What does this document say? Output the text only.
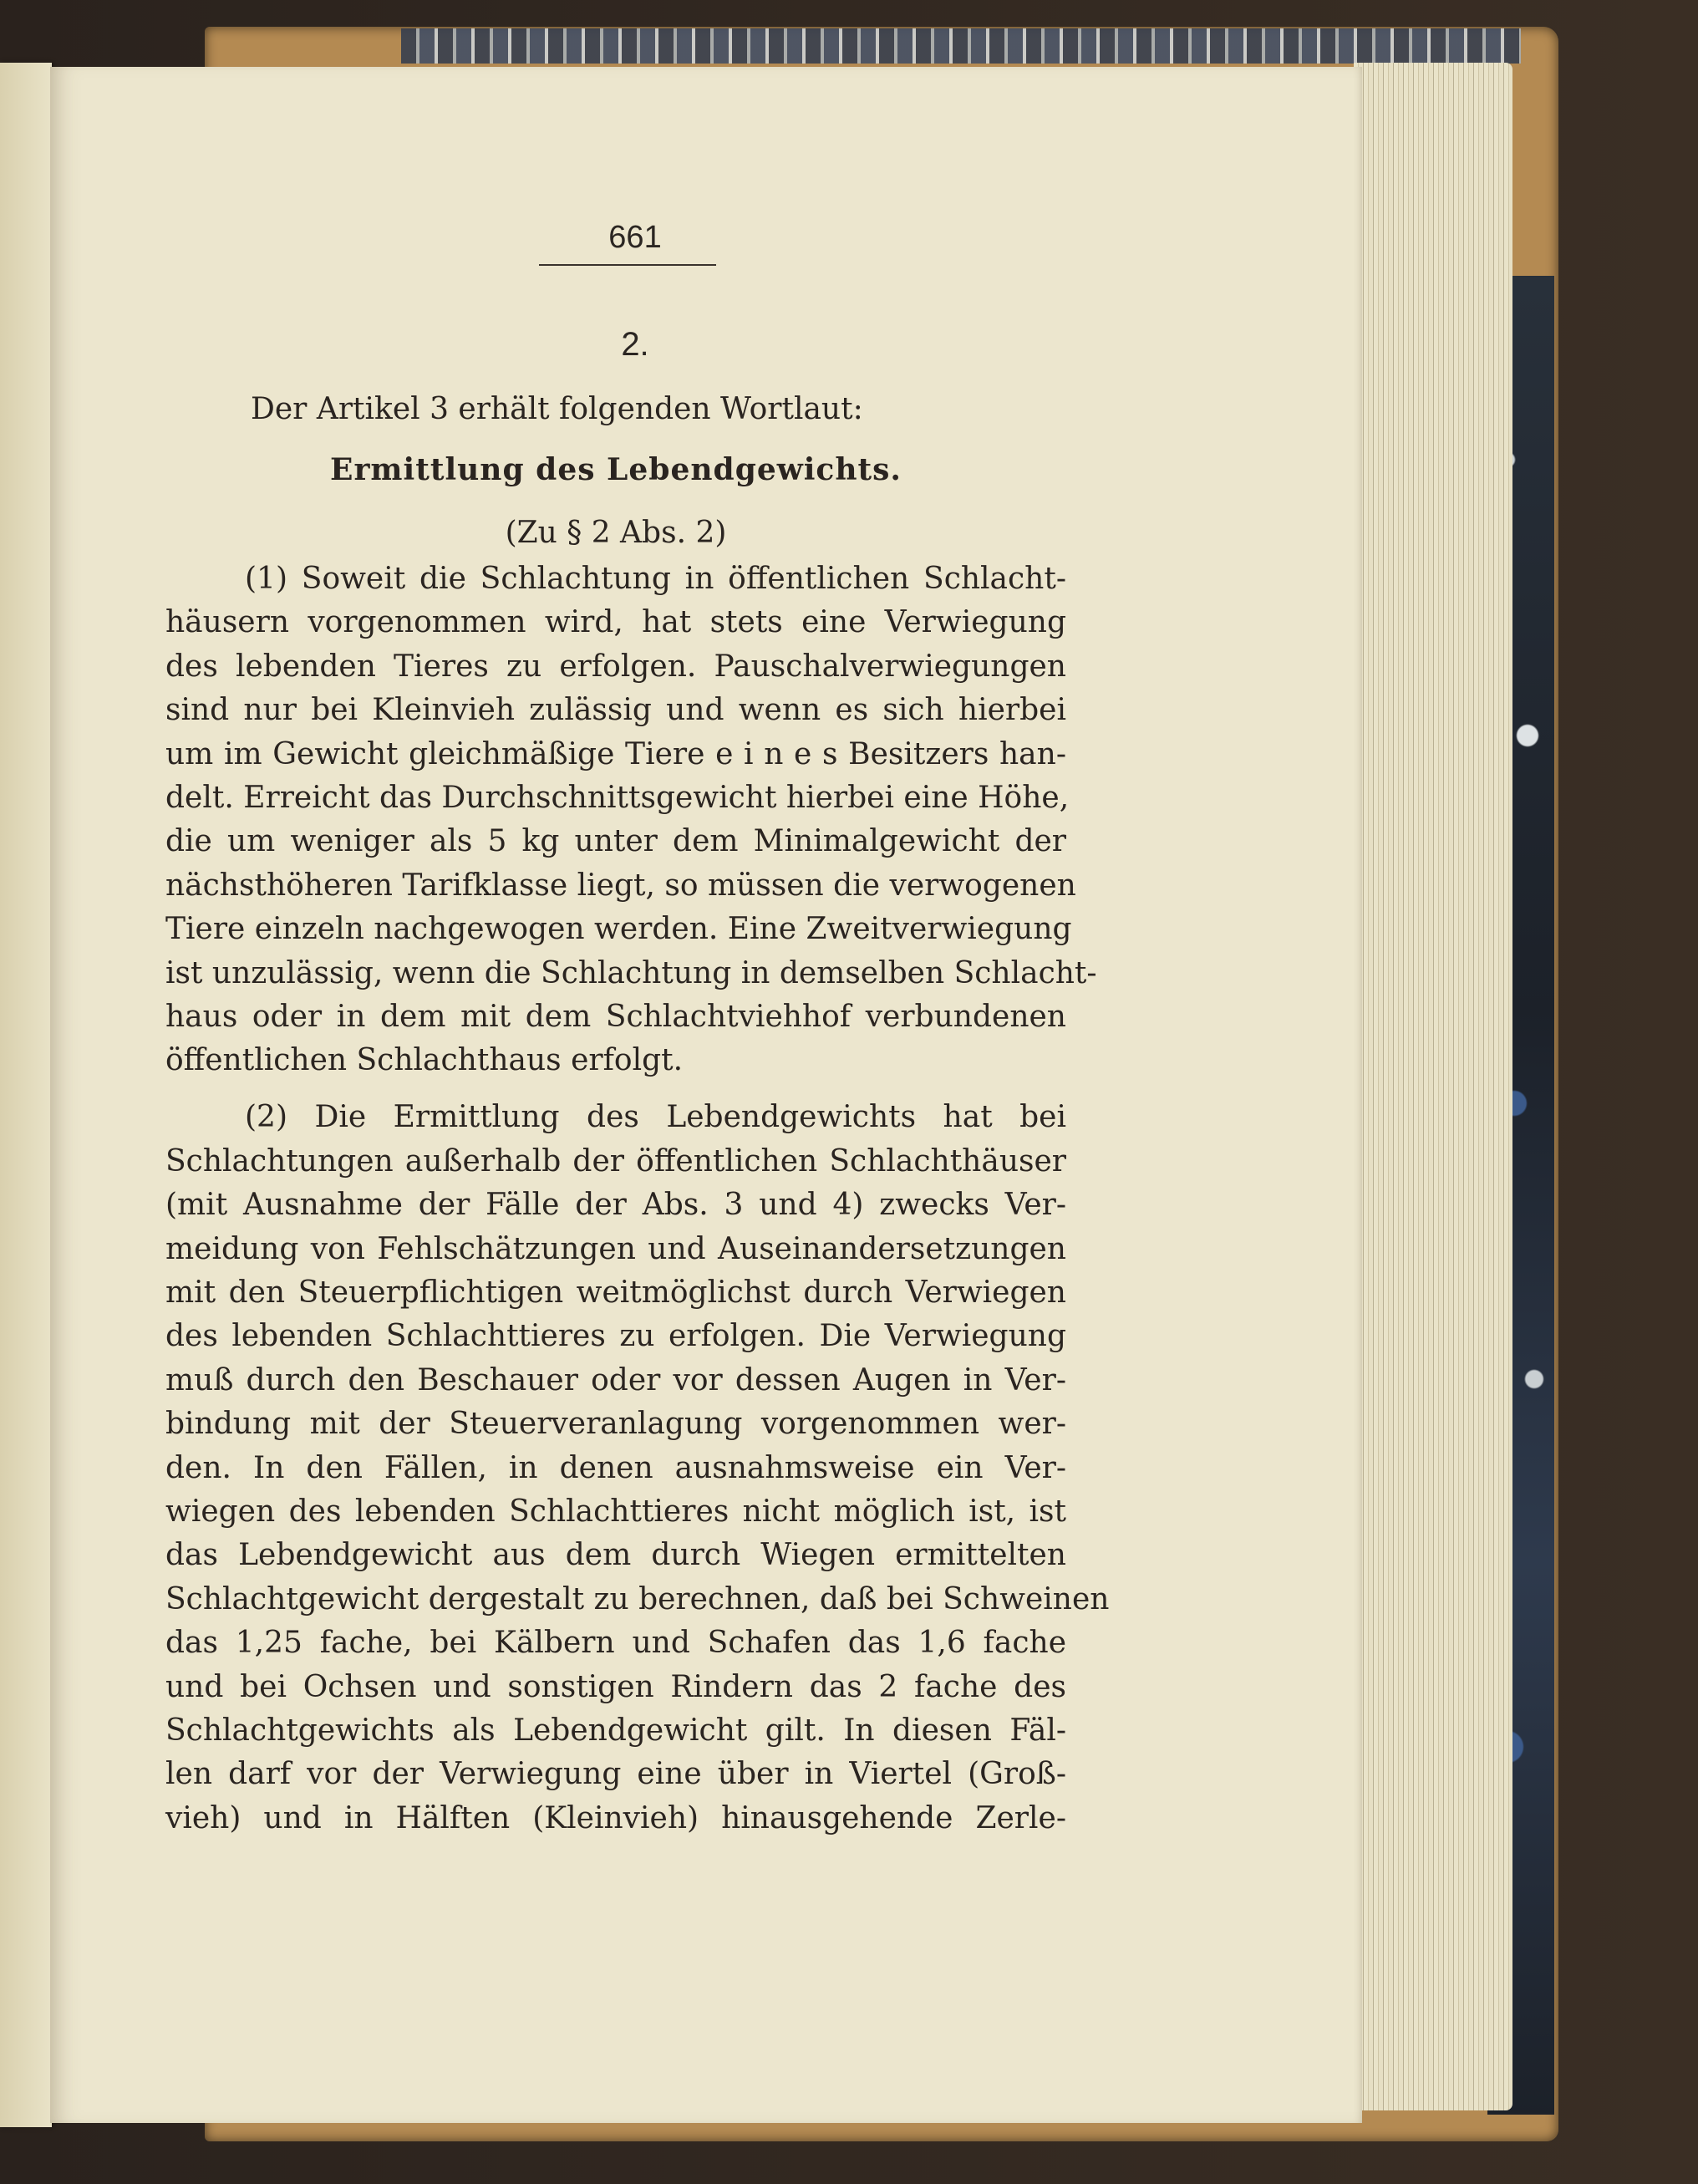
661
2.
Der Artikel 3 erhält folgenden Wortlaut:
Ermittlung des Lebendgewichts.
(Zu § 2 Abs. 2)
(1) Soweit die Schlachtung in öffentlichen Schlacht-
häusern vorgenommen wird, hat stets eine Verwiegung
des lebenden Tieres zu erfolgen. Pauschalverwiegungen
sind nur bei Kleinvieh zulässig und wenn es sich hierbei
um im Gewicht gleichmäßige Tiere e i n e s Besitzers han-
delt. Erreicht das Durchschnittsgewicht hierbei eine Höhe,
die um weniger als 5 kg unter dem Minimalgewicht der
nächsthöheren Tarifklasse liegt, so müssen die verwogenen
Tiere einzeln nachgewogen werden. Eine Zweitverwiegung
ist unzulässig, wenn die Schlachtung in demselben Schlacht-
haus oder in dem mit dem Schlachtviehhof verbundenen
öffentlichen Schlachthaus erfolgt.
(2) Die Ermittlung des Lebendgewichts hat bei
Schlachtungen außerhalb der öffentlichen Schlachthäuser
(mit Ausnahme der Fälle der Abs. 3 und 4) zwecks Ver-
meidung von Fehlschätzungen und Auseinandersetzungen
mit den Steuerpflichtigen weitmöglichst durch Verwiegen
des lebenden Schlachttieres zu erfolgen. Die Verwiegung
muß durch den Beschauer oder vor dessen Augen in Ver-
bindung mit der Steuerveranlagung vorgenommen wer-
den. In den Fällen, in denen ausnahmsweise ein Ver-
wiegen des lebenden Schlachttieres nicht möglich ist, ist
das Lebendgewicht aus dem durch Wiegen ermittelten
Schlachtgewicht dergestalt zu berechnen, daß bei Schweinen
das 1,25 fache, bei Kälbern und Schafen das 1,6 fache
und bei Ochsen und sonstigen Rindern das 2 fache des
Schlachtgewichts als Lebendgewicht gilt. In diesen Fäl-
len darf vor der Verwiegung eine über in Viertel (Groß-
vieh) und in Hälften (Kleinvieh) hinausgehende Zerle-
